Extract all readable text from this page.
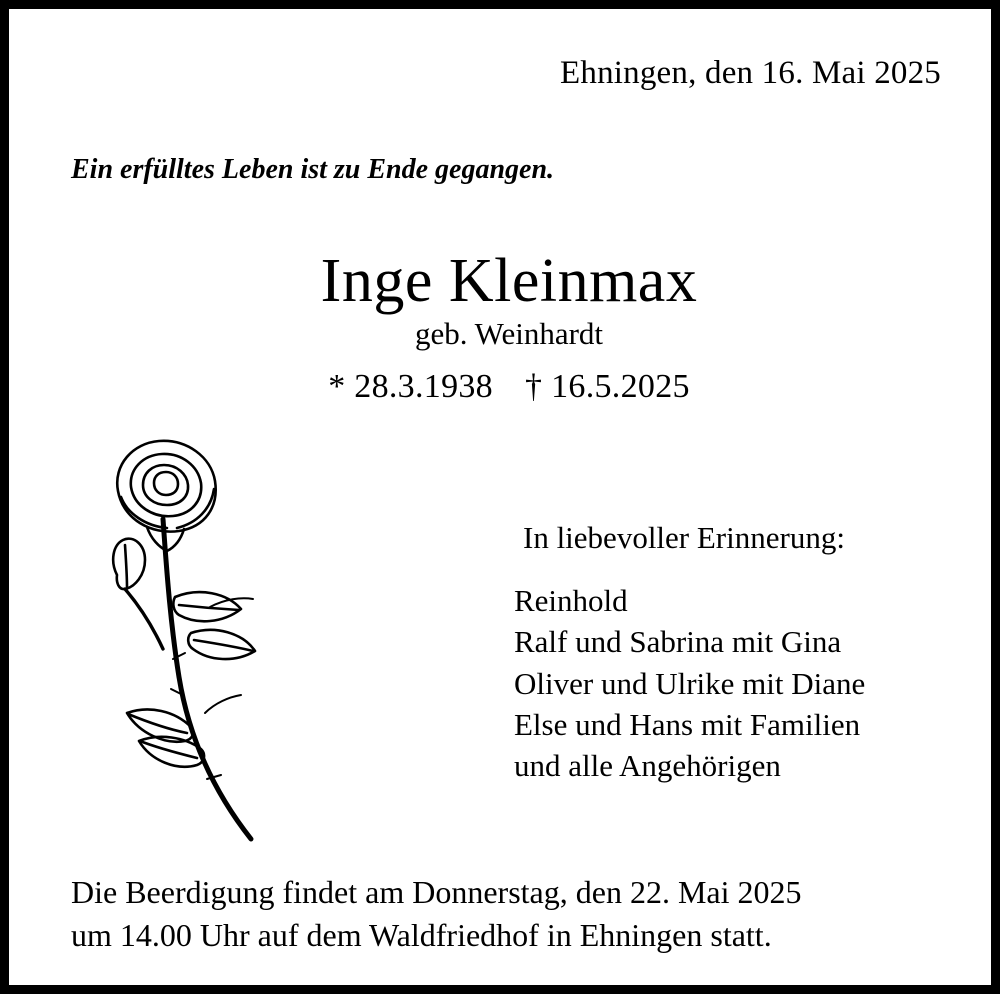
Ehningen, den 16. Mai 2025
Ein erfülltes Leben ist zu Ende gegangen.
Inge Kleinmax
geb. Weinhardt
* 28.3.1938 † 16.5.2025
In liebevoller Erinnerung:
Reinhold
Ralf und Sabrina mit Gina
Oliver und Ulrike mit Diane
Else und Hans mit Familien
und alle Angehörigen
Die Beerdigung findet am Donnerstag, den 22. Mai 2025
um 14.00 Uhr auf dem Waldfriedhof in Ehningen statt.
